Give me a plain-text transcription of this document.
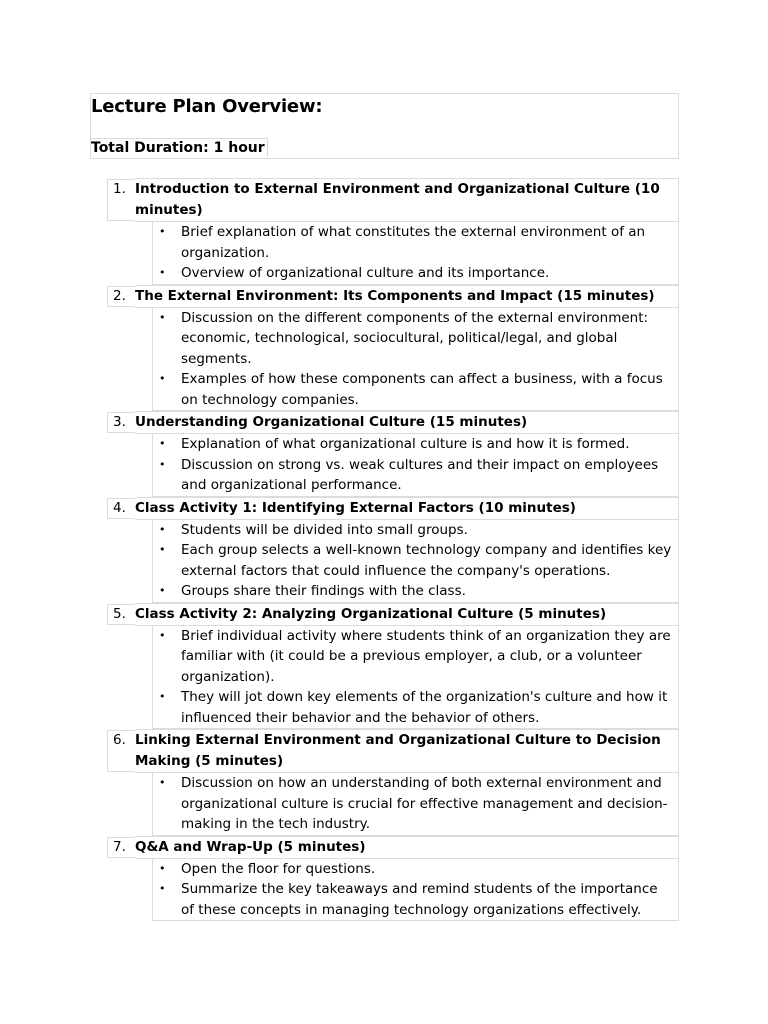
Lecture Plan Overview:

Total Duration: 1 hour

1. Introduction to External Environment and Organizational Culture (10 minutes)
• Brief explanation of what constitutes the external environment of an organization.
• Overview of organizational culture and its importance.
2. The External Environment: Its Components and Impact (15 minutes)
• Discussion on the different components of the external environment: economic, technological, sociocultural, political/legal, and global segments.
• Examples of how these components can affect a business, with a focus on technology companies.
3. Understanding Organizational Culture (15 minutes)
• Explanation of what organizational culture is and how it is formed.
• Discussion on strong vs. weak cultures and their impact on employees and organizational performance.
4. Class Activity 1: Identifying External Factors (10 minutes)
• Students will be divided into small groups.
• Each group selects a well-known technology company and identifies key external factors that could influence the company's operations.
• Groups share their findings with the class.
5. Class Activity 2: Analyzing Organizational Culture (5 minutes)
• Brief individual activity where students think of an organization they are familiar with (it could be a previous employer, a club, or a volunteer organization).
• They will jot down key elements of the organization's culture and how it influenced their behavior and the behavior of others.
6. Linking External Environment and Organizational Culture to Decision Making (5 minutes)
• Discussion on how an understanding of both external environment and organizational culture is crucial for effective management and decision-making in the tech industry.
7. Q&A and Wrap-Up (5 minutes)
• Open the floor for questions.
• Summarize the key takeaways and remind students of the importance of these concepts in managing technology organizations effectively.
